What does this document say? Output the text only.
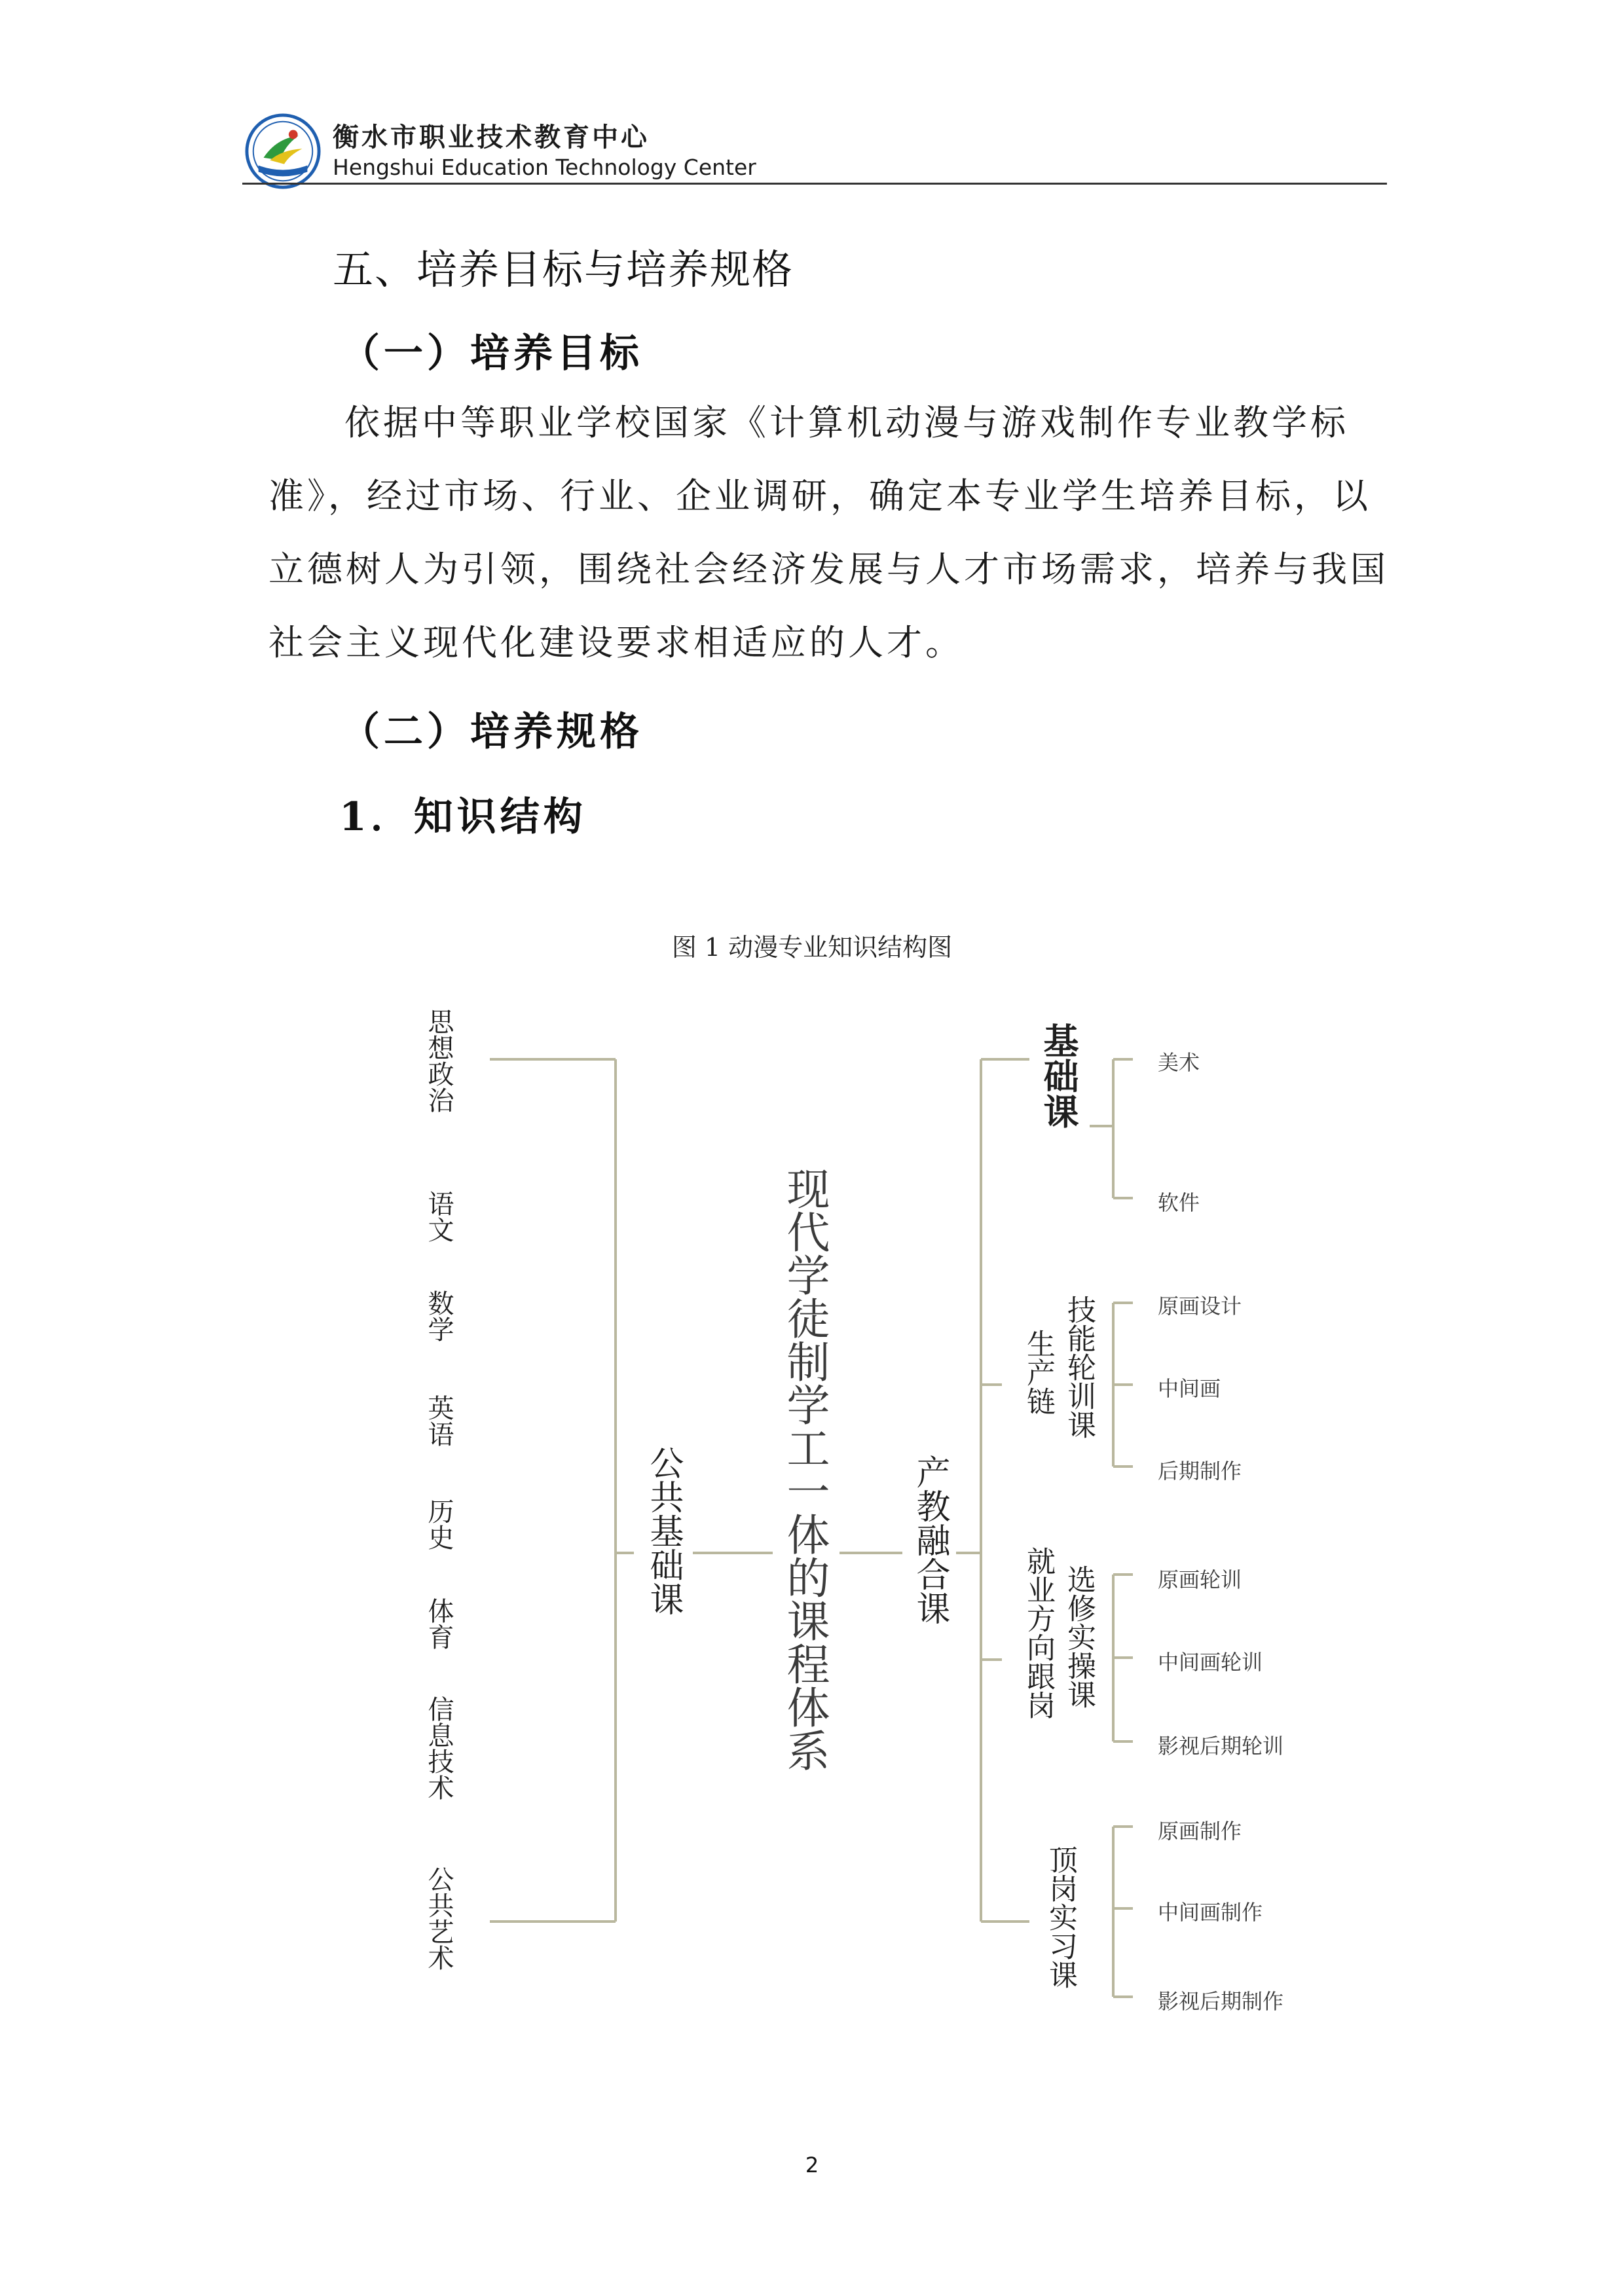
衡水市职业技术教育中心
Hengshui Education Technology Center
五、培养目标与培养规格
（一）培养目标

依据中等职业学校国家《计算机动漫与游戏制作专业教学标准》，经过市场、行业、企业调研，确定本专业学生培养目标，以立德树人为引领，围绕社会经济发展与人才市场需求，培养与我国社会主义现代化建设要求相适应的人才。

（二）培养规格
1．知识结构
图 1 动漫专业知识结构图
思想政治
语文
数学
英语
历史
体育
信息技术
公共艺术
公共基础课 现代学徒制学工一体的课程体系 产教融合课
基础课	美术
软件
技能轮训课
生产链
原画设计
中间画
后期制作
选修实操课
就业方向跟岗	原画轮训
中间画轮训
影视后期轮训
顶岗实习课
原画制作
中间画制作
影视后期制作
2
